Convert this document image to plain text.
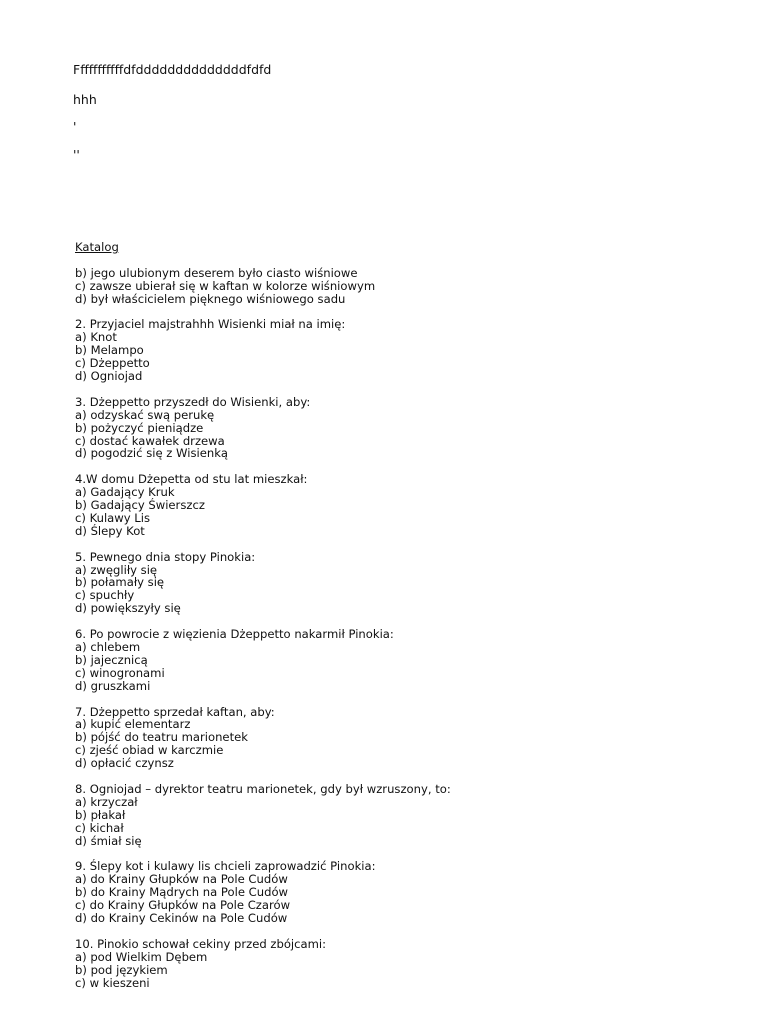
Fffffffffffdfddddddddddddddfdfd
hhh
'
''
Katalog
b) jego ulubionym deserem było ciasto wiśniowe
c) zawsze ubierał się w kaftan w kolorze wiśniowym
d) był właścicielem pięknego wiśniowego sadu
2. Przyjaciel majstrahhh Wisienki miał na imię:
a) Knot
b) Melampo
c) Dżeppetto
d) Ogniojad
3. Dżeppetto przyszedł do Wisienki, aby:
a) odzyskać swą perukę
b) pożyczyć pieniądze
c) dostać kawałek drzewa
d) pogodzić się z Wisienką
4.W domu Dżepetta od stu lat mieszkał:
a) Gadający Kruk
b) Gadający Świerszcz
c) Kulawy Lis
d) Ślepy Kot
5. Pewnego dnia stopy Pinokia:
a) zwęgliły się
b) połamały się
c) spuchły
d) powiększyły się
6. Po powrocie z więzienia Dżeppetto nakarmił Pinokia:
a) chlebem
b) jajecznicą
c) winogronami
d) gruszkami
7. Dżeppetto sprzedał kaftan, aby:
a) kupić elementarz
b) pójść do teatru marionetek
c) zjeść obiad w karczmie
d) opłacić czynsz
8. Ogniojad – dyrektor teatru marionetek, gdy był wzruszony, to:
a) krzyczał
b) płakał
c) kichał
d) śmiał się
9. Ślepy kot i kulawy lis chcieli zaprowadzić Pinokia:
a) do Krainy Głupków na Pole Cudów
b) do Krainy Mądrych na Pole Cudów
c) do Krainy Głupków na Pole Czarów
d) do Krainy Cekinów na Pole Cudów
10. Pinokio schował cekiny przed zbójcami:
a) pod Wielkim Dębem
b) pod językiem
c) w kieszeni
